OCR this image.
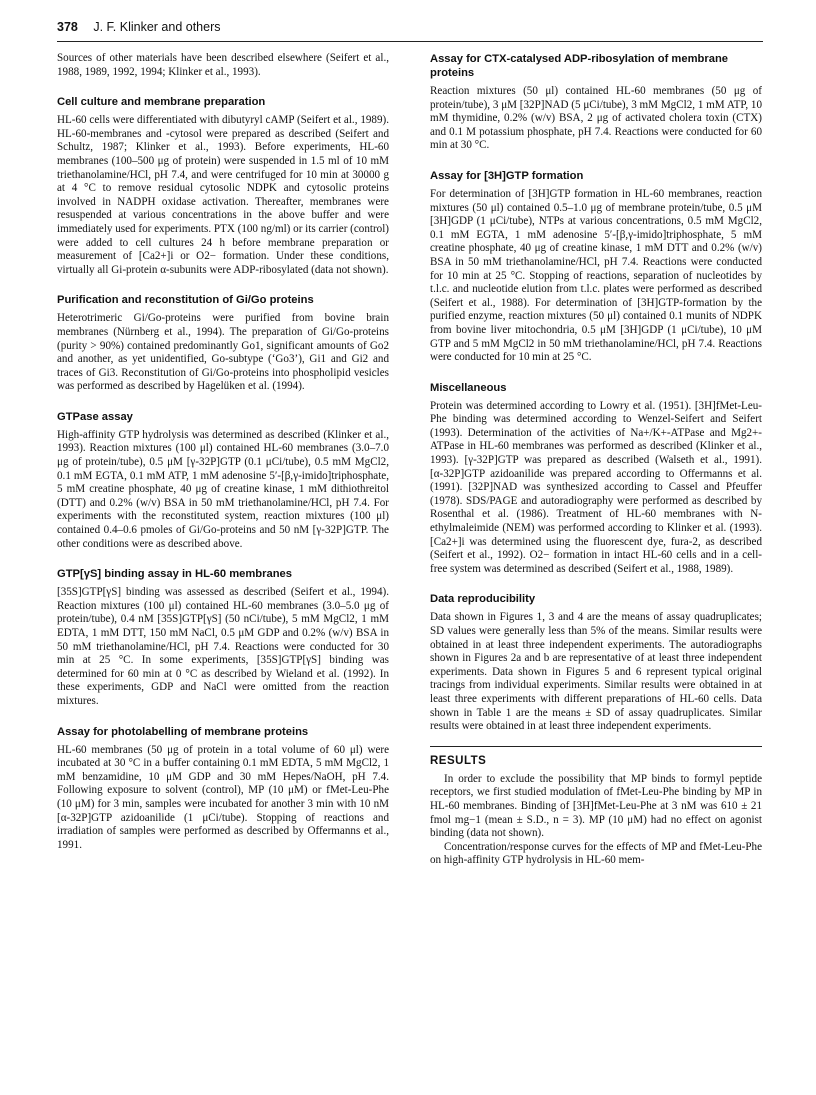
378 J. F. Klinker and others

Sources of other materials have been described elsewhere (Seifert et al., 1988, 1989, 1992, 1994; Klinker et al., 1993).

Cell culture and membrane preparation

HL-60 cells were differentiated with dibutyryl cAMP (Seifert et al., 1989). HL-60-membranes and -cytosol were prepared as described (Seifert and Schultz, 1987; Klinker et al., 1993). Before experiments, HL-60 membranes (100–500 μg of protein) were suspended in 1.5 ml of 10 mM triethanolamine/HCl, pH 7.4, and were centrifuged for 10 min at 30000 g at 4 °C to remove residual cytosolic NDPK and cytosolic proteins involved in NADPH oxidase activation. Thereafter, membranes were resuspended at various concentrations in the above buffer and were immediately used for experiments. PTX (100 ng/ml) or its carrier (control) were added to cell cultures 24 h before membrane preparation or measurement of [Ca2+]i or O2− formation. Under these conditions, virtually all Gi-protein α-subunits were ADP-ribosylated (data not shown).

Purification and reconstitution of Gi/Go proteins

Heterotrimeric Gi/Go-proteins were purified from bovine brain membranes (Nürnberg et al., 1994). The preparation of Gi/Go-proteins (purity > 90%) contained predominantly Go1, significant amounts of Go2 and another, as yet unidentified, Go-subtype (‘Go3’), Gi1 and Gi2 and traces of Gi3. Reconstitution of Gi/Go-proteins into phospholipid vesicles was performed as described by Hagelüken et al. (1994).

GTPase assay

High-affinity GTP hydrolysis was determined as described (Klinker et al., 1993). Reaction mixtures (100 μl) contained HL-60 membranes (3.0–7.0 μg of protein/tube), 0.5 μM [γ-32P]GTP (0.1 μCi/tube), 0.5 mM MgCl2, 0.1 mM EGTA, 0.1 mM ATP, 1 mM adenosine 5′-[β,γ-imido]triphosphate, 5 mM creatine phosphate, 40 μg of creatine kinase, 1 mM dithiothreitol (DTT) and 0.2% (w/v) BSA in 50 mM triethanolamine/HCl, pH 7.4. For experiments with the reconstituted system, reaction mixtures (100 μl) contained 0.4–0.6 pmoles of Gi/Go-proteins and 50 nM [γ-32P]GTP. The other conditions were as described above.

GTP[γS] binding assay in HL-60 membranes

[35S]GTP[γS] binding was assessed as described (Seifert et al., 1994). Reaction mixtures (100 μl) contained HL-60 membranes (3.0–5.0 μg of protein/tube), 0.4 nM [35S]GTP[γS] (50 nCi/tube), 5 mM MgCl2, 1 mM EDTA, 1 mM DTT, 150 mM NaCl, 0.5 μM GDP and 0.2% (w/v) BSA in 50 mM triethanolamine/HCl, pH 7.4. Reactions were conducted for 30 min at 25 °C. In some experiments, [35S]GTP[γS] binding was determined for 60 min at 0 °C as described by Wieland et al. (1992). In these experiments, GDP and NaCl were omitted from the reaction mixtures.

Assay for photolabelling of membrane proteins

HL-60 membranes (50 μg of protein in a total volume of 60 μl) were incubated at 30 °C in a buffer containing 0.1 mM EDTA, 5 mM MgCl2, 1 mM benzamidine, 10 μM GDP and 30 mM Hepes/NaOH, pH 7.4. Following exposure to solvent (control), MP (10 μM) or fMet-Leu-Phe (10 μM) for 3 min, samples were incubated for another 3 min with 10 nM [α-32P]GTP azidoanilide (1 μCi/tube). Stopping of reactions and irradiation of samples were performed as described by Offermanns et al., 1991.

Assay for CTX-catalysed ADP-ribosylation of membrane proteins

Reaction mixtures (50 μl) contained HL-60 membranes (50 μg of protein/tube), 3 μM [32P]NAD (5 μCi/tube), 3 mM MgCl2, 1 mM ATP, 10 mM thymidine, 0.2% (w/v) BSA, 2 μg of activated cholera toxin (CTX) and 0.1 M potassium phosphate, pH 7.4. Reactions were conducted for 60 min at 30 °C.

Assay for [3H]GTP formation

For determination of [3H]GTP formation in HL-60 membranes, reaction mixtures (50 μl) contained 0.5–1.0 μg of membrane protein/tube, 0.5 μM [3H]GDP (1 μCi/tube), NTPs at various concentrations, 0.5 mM MgCl2, 0.1 mM EGTA, 1 mM adenosine 5′-[β,γ-imido]triphosphate, 5 mM creatine phosphate, 40 μg of creatine kinase, 1 mM DTT and 0.2% (w/v) BSA in 50 mM triethanolamine/HCl, pH 7.4. Reactions were conducted for 10 min at 25 °C. Stopping of reactions, separation of nucleotides by t.l.c. and nucleotide elution from t.l.c. plates were performed as described (Seifert et al., 1988). For determination of [3H]GTP-formation by the purified enzyme, reaction mixtures (50 μl) contained 0.1 munits of NDPK from bovine liver mitochondria, 0.5 μM [3H]GDP (1 μCi/tube), 10 μM GTP and 5 mM MgCl2 in 50 mM triethanolamine/HCl, pH 7.4. Reactions were conducted for 10 min at 25 °C.

Miscellaneous

Protein was determined according to Lowry et al. (1951). [3H]fMet-Leu-Phe binding was determined according to Wenzel-Seifert and Seifert (1993). Determination of the activities of Na+/K+-ATPase and Mg2+-ATPase in HL-60 membranes was performed as described (Klinker et al., 1993). [γ-32P]GTP was prepared as described (Walseth et al., 1991). [α-32P]GTP azidoanilide was prepared according to Offermanns et al. (1991). [32P]NAD was synthesized according to Cassel and Pfeuffer (1978). SDS/PAGE and autoradiography were performed as described by Rosenthal et al. (1986). Treatment of HL-60 membranes with N-ethylmaleimide (NEM) was performed according to Klinker et al. (1993). [Ca2+]i was determined using the fluorescent dye, fura-2, as described (Seifert et al., 1992). O2− formation in intact HL-60 cells and in a cell-free system was determined as described (Seifert et al., 1988, 1989).

Data reproducibility

Data shown in Figures 1, 3 and 4 are the means of assay quadruplicates; SD values were generally less than 5% of the means. Similar results were obtained in at least three independent experiments. The autoradiographs shown in Figures 2a and b are representative of at least three independent experiments. Data shown in Figures 5 and 6 represent typical original tracings from individual experiments. Similar results were obtained in at least three experiments with different preparations of HL-60 cells. Data shown in Table 1 are the means ± SD of assay quadruplicates. Similar results were obtained in at least three independent experiments.

RESULTS

In order to exclude the possibility that MP binds to formyl peptide receptors, we first studied modulation of fMet-Leu-Phe binding by MP in HL-60 membranes. Binding of [3H]fMet-Leu-Phe at 3 nM was 610 ± 21 fmol mg−1 (mean ± S.D., n = 3). MP (10 μM) had no effect on agonist binding (data not shown).

Concentration/response curves for the effects of MP and fMet-Leu-Phe on high-affinity GTP hydrolysis in HL-60 mem-
